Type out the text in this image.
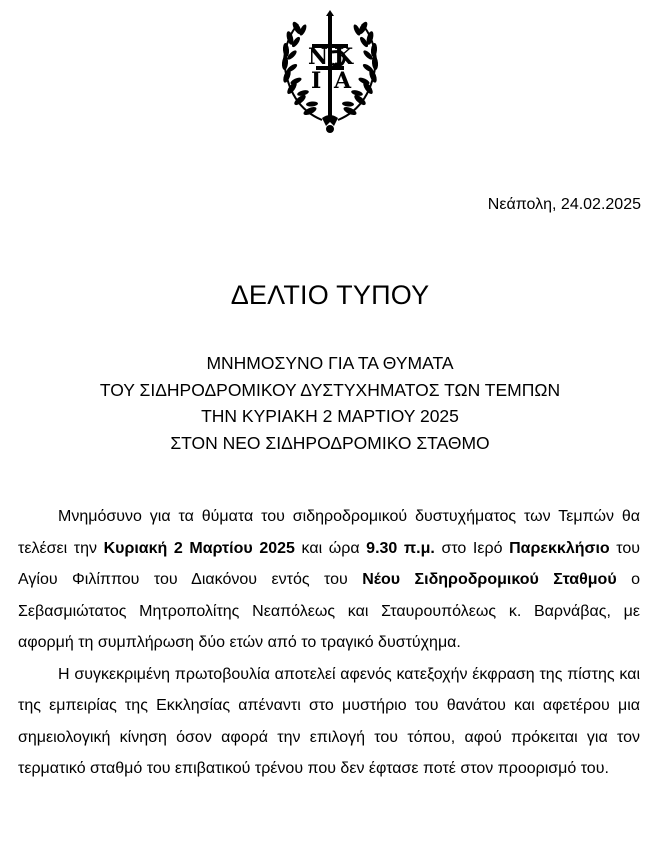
N K
I A
Νεάπολη, 24.02.2025
ΔΕΛΤΙΟ ΤΥΠΟΥ
ΜΝΗΜΟΣΥΝΟ ΓΙΑ ΤΑ ΘΥΜΑΤΑ
ΤΟΥ ΣΙΔΗΡΟΔΡΟΜΙΚΟΥ ΔΥΣΤΥΧΗΜΑΤΟΣ ΤΩΝ ΤΕΜΠΩΝ
ΤΗΝ ΚΥΡΙΑΚΗ 2 ΜΑΡΤΙΟΥ 2025
ΣΤΟΝ ΝΕΟ ΣΙΔΗΡΟΔΡΟΜΙΚΟ ΣΤΑΘΜΟ

Μνημόσυνο για τα θύματα του σιδηροδρομικού δυστυχήματος των Τεμπών θα τελέσει την Κυριακή 2 Μαρτίου 2025 και ώρα 9.30 π.μ. στο Ιερό Παρεκκλήσιο του Αγίου Φιλίππου του Διακόνου εντός του Νέου Σιδηροδρομικού Σταθμού ο Σεβασμιώτατος Μητροπολίτης Νεαπόλεως και Σταυρουπόλεως κ. Βαρνάβας, με αφορμή τη συμπλήρωση δύο ετών από το τραγικό δυστύχημα.

Η συγκεκριμένη πρωτοβουλία αποτελεί αφενός κατεξοχήν έκφραση της πίστης και της εμπειρίας της Εκκλησίας απέναντι στο μυστήριο του θανάτου και αφετέρου μια σημειολογική κίνηση όσον αφορά την επιλογή του τόπου, αφού πρόκειται για τον τερματικό σταθμό του επιβατικού τρένου που δεν έφτασε ποτέ στον προορισμό του.
